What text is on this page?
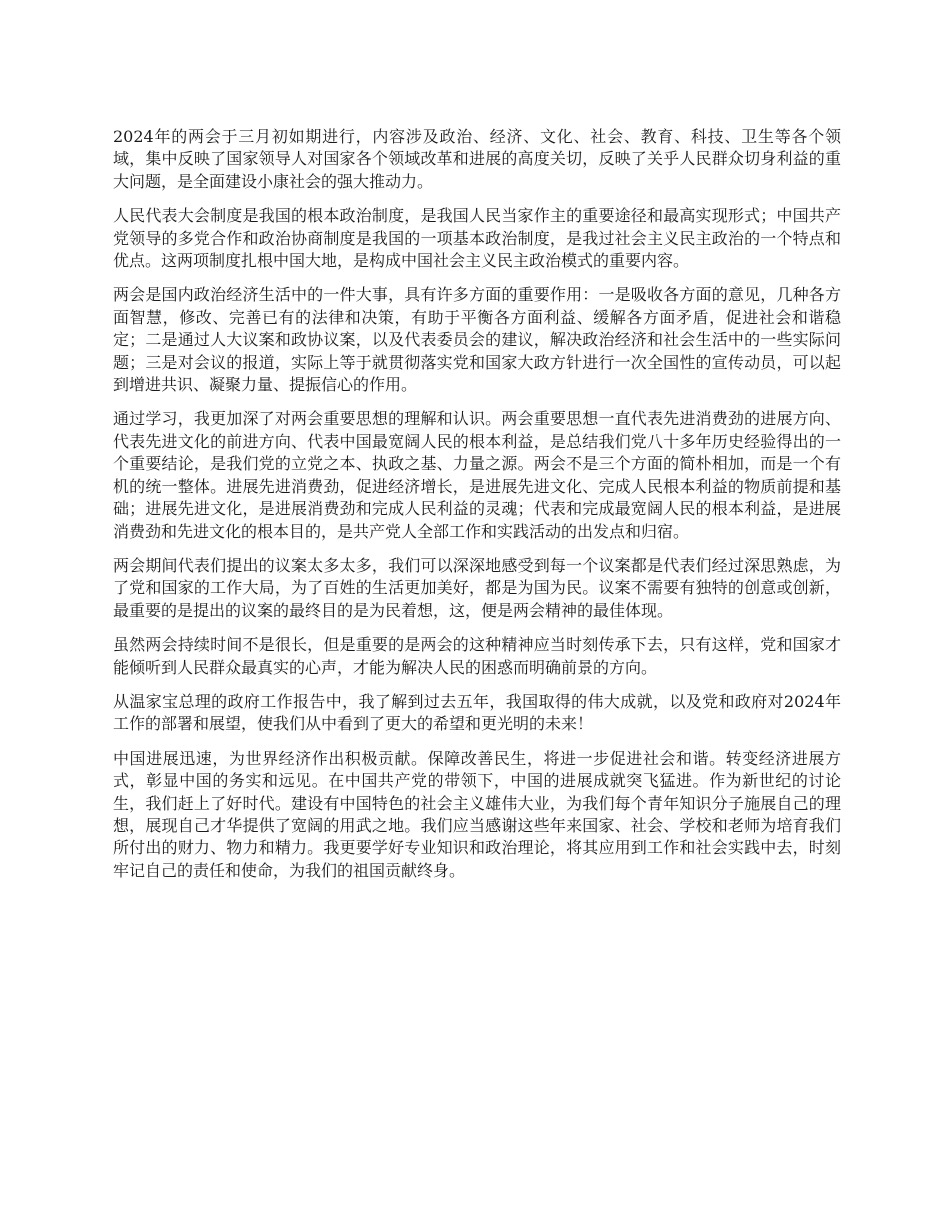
2024年的两会于三月初如期进行，内容涉及政治、经济、文化、社会、教育、科技、卫生等各个领域，集中反映了国家领导人对国家各个领域改革和进展的高度关切，反映了关乎人民群众切身利益的重大问题，是全面建设小康社会的强大推动力。

人民代表大会制度是我国的根本政治制度，是我国人民当家作主的重要途径和最高实现形式；中国共产党领导的多党合作和政治协商制度是我国的一项基本政治制度，是我过社会主义民主政治的一个特点和优点。这两项制度扎根中国大地，是构成中国社会主义民主政治模式的重要内容。

两会是国内政治经济生活中的一件大事，具有许多方面的重要作用：一是吸收各方面的意见，几种各方面智慧，修改、完善已有的法律和决策，有助于平衡各方面利益、缓解各方面矛盾，促进社会和谐稳定；二是通过人大议案和政协议案，以及代表委员会的建议，解决政治经济和社会生活中的一些实际问题；三是对会议的报道，实际上等于就贯彻落实党和国家大政方针进行一次全国性的宣传动员，可以起到增进共识、凝聚力量、提振信心的作用。

通过学习，我更加深了对两会重要思想的理解和认识。两会重要思想一直代表先进消费劲的进展方向、代表先进文化的前进方向、代表中国最宽阔人民的根本利益，是总结我们党八十多年历史经验得出的一个重要结论，是我们党的立党之本、执政之基、力量之源。两会不是三个方面的简朴相加，而是一个有机的统一整体。进展先进消费劲，促进经济增长，是进展先进文化、完成人民根本利益的物质前提和基础；进展先进文化，是进展消费劲和完成人民利益的灵魂；代表和完成最宽阔人民的根本利益，是进展消费劲和先进文化的根本目的，是共产党人全部工作和实践活动的出发点和归宿。

两会期间代表们提出的议案太多太多，我们可以深深地感受到每一个议案都是代表们经过深思熟虑，为了党和国家的工作大局，为了百姓的生活更加美好，都是为国为民。议案不需要有独特的创意或创新，最重要的是提出的议案的最终目的是为民着想，这，便是两会精神的最佳体现。

虽然两会持续时间不是很长，但是重要的是两会的这种精神应当时刻传承下去，只有这样，党和国家才能倾听到人民群众最真实的心声，才能为解决人民的困惑而明确前景的方向。

从温家宝总理的政府工作报告中，我了解到过去五年，我国取得的伟大成就，以及党和政府对2024年工作的部署和展望，使我们从中看到了更大的希望和更光明的未来！

中国进展迅速，为世界经济作出积极贡献。保障改善民生，将进一步促进社会和谐。转变经济进展方式，彰显中国的务实和远见。在中国共产党的带领下，中国的进展成就突飞猛进。作为新世纪的讨论生，我们赶上了好时代。建设有中国特色的社会主义雄伟大业，为我们每个青年知识分子施展自己的理想，展现自己才华提供了宽阔的用武之地。我们应当感谢这些年来国家、社会、学校和老师为培育我们所付出的财力、物力和精力。我更要学好专业知识和政治理论，将其应用到工作和社会实践中去，时刻牢记自己的责任和使命，为我们的祖国贡献终身。
